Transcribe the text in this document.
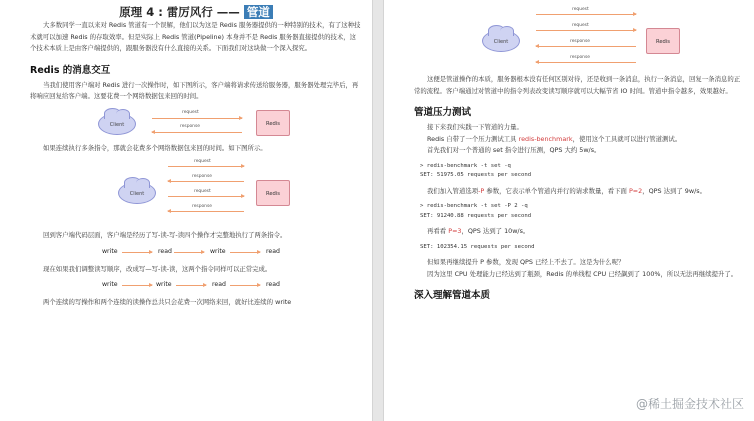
原理 4 : 雷厉风行 —— 管道

大多数同学一直以来对 Redis 管道有一个误解，他们以为这是 Redis 服务器提供的一种特别的技术，有了这种技术就可以加速 Redis 的存取效率。但是实际上 Redis 管道(Pipeline) 本身并不是 Redis 服务器直接提供的技术，这个技术本质上是由客户端提供的，跟服务器没有什么直接的关系。下面我们对这块做一个深入探究。

Redis 的消息交互

当我们使用客户端对 Redis 进行一次操作时，如下图所示，客户端将请求传送给服务器，服务器处理完毕后，再将响应回复给客户端。这要花费一个网络数据包来回的时间。

Client
request
response	Redis

如果连续执行多条指令，那就会花费多个网络数据包来回的时间。如下图所示。

Client
request
response
request
response
Redis

回到客户端代码层面，客户端是经历了写-读-写-读四个操作才完整地执行了两条指令。

write	read	write	read

现在如果我们调整读写顺序，改成写—写-读-读，这两个指令同样可以正常完成。

write	write	read	read

两个连续的写操作和两个连续的读操作总共只会花费一次网络来回，就好比连续的 write

Client
request
request
response
response
Redis

这便是管道操作的本质，服务器根本没有任何区别对待，还是收到一条消息，执行一条消息，回复一条消息的正常的流程。客户端通过对管道中的指令列表改变读写顺序就可以大幅节省 IO 时间。管道中指令越多，效果越好。

管道压力测试

接下来我们实践一下管道的力量。

Redis 自带了一个压力测试工具 redis-benchmark，使用这个工具就可以进行管道测试。

首先我们对一个普通的 set 指令进行压测，QPS 大约 5w/s。

> redis-benchmark -t set -q
SET: 51975.05 requests per second

我们加入管道选项-P 参数，它表示单个管道内并行的请求数量，看下面 P=2，QPS 达到了 9w/s。

> redis-benchmark -t set -P 2 -q
SET: 91240.88 requests per second

再看看 P=3，QPS 达到了 10w/s。

SET: 102354.15 requests per second

但如果再继续提升 P 参数，发现 QPS 已经上不去了。这是为什么呢？

因为这里 CPU 处理能力已经达到了瓶颈，Redis 的单线程 CPU 已经飙到了 100%，所以无法再继续提升了。

深入理解管道本质
@稀土掘金技术社区
